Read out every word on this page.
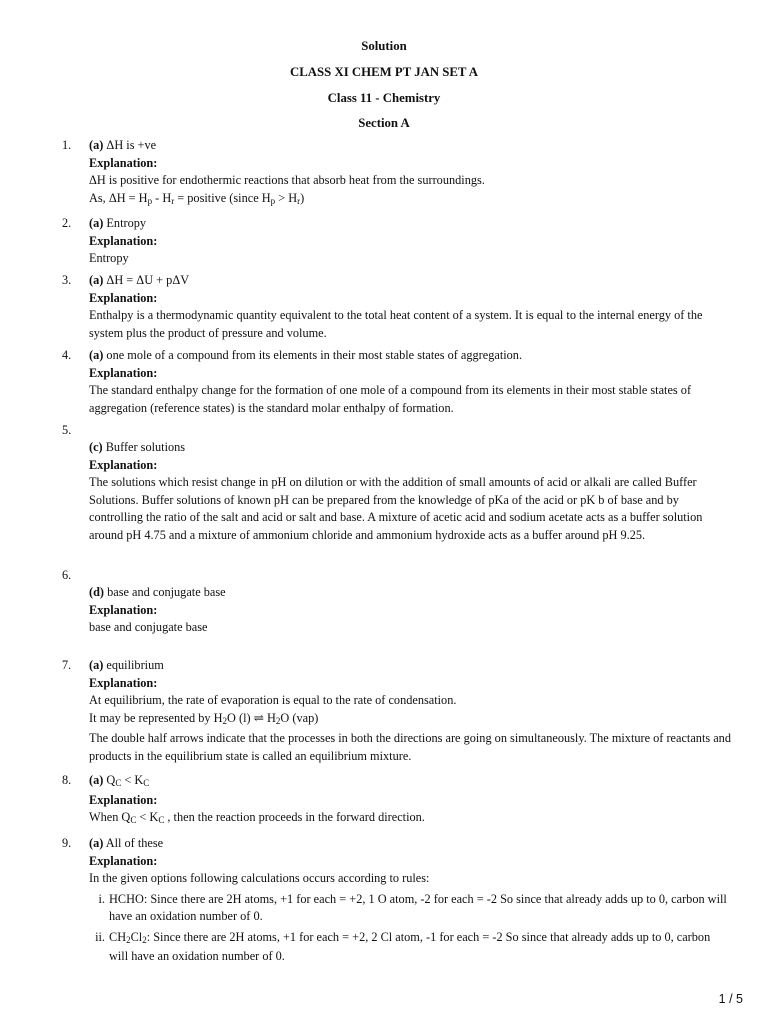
Solution
CLASS XI CHEM PT JAN SET A
Class 11 - Chemistry
Section A
1. (a) ΔH is +ve
Explanation:
ΔH is positive for endothermic reactions that absorb heat from the surroundings.
As, $\Delta H = H_p - H_r$ = positive (since $H_p > H_r$)
2. (a) Entropy
Explanation:
Entropy
3. (a) ΔH = ΔU + pΔV
Explanation:
Enthalpy is a thermodynamic quantity equivalent to the total heat content of a system. It is equal to the internal energy of the system plus the product of pressure and volume.
4. (a) one mole of a compound from its elements in their most stable states of aggregation.
Explanation:
The standard enthalpy change for the formation of one mole of a compound from its elements in their most stable states of aggregation (reference states) is the standard molar enthalpy of formation.
5.
(c) Buffer solutions
Explanation:
The solutions which resist change in pH on dilution or with the addition of small amounts of acid or alkali are called Buffer Solutions. Buffer solutions of known pH can be prepared from the knowledge of pKa of the acid or pK b of base and by controlling the ratio of the salt and acid or salt and base. A mixture of acetic acid and sodium acetate acts as a buffer solution around pH 4.75 and a mixture of ammonium chloride and ammonium hydroxide acts as a buffer around pH 9.25.
6.
(d) base and conjugate base
Explanation:
base and conjugate base
7. (a) equilibrium
Explanation:
At equilibrium, the rate of evaporation is equal to the rate of condensation.
It may be represented by $H_2O$ (l) ⇌ $H_2O$ (vap)
The double half arrows indicate that the processes in both the directions are going on simultaneously. The mixture of reactants and products in the equilibrium state is called an equilibrium mixture.
8. (a) $Q_C < K_C$
Explanation:
When $Q_C < K_C$ , then the reaction proceeds in the forward direction.
9. (a) All of these
Explanation:
In the given options following calculations occurs according to rules:
i. HCHO: Since there are 2H atoms, +1 for each = +2, 1 O atom, -2 for each = -2 So since that already adds up to 0, carbon will have an oxidation number of 0.
ii. $CH_2Cl_2$: Since there are 2H atoms, +1 for each = +2, 2 Cl atom, -1 for each = -2 So since that already adds up to 0, carbon will have an oxidation number of 0.
1 / 5
